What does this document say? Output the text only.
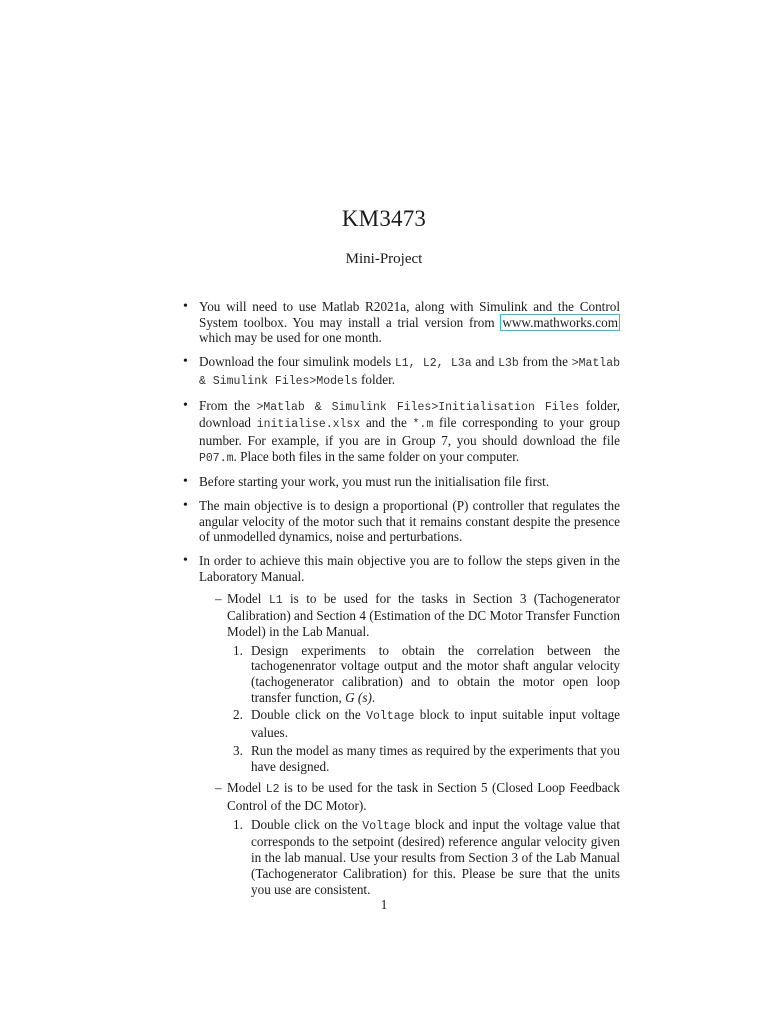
KM3473
Mini-Project
• You will need to use Matlab R2021a, along with Simulink and the Control System toolbox. You may install a trial version from www.mathworks.com which may be used for one month.
• Download the four simulink models L1, L2, L3a and L3b from the >Matlab & Simulink Files>Models folder.
• From the >Matlab & Simulink Files>Initialisation Files folder, download initialise.xlsx and the *.m file corresponding to your group number. For example, if you are in Group 7, you should download the file P07.m. Place both files in the same folder on your computer.
• Before starting your work, you must run the initialisation file first.
• The main objective is to design a proportional (P) controller that regulates the angular velocity of the motor such that it remains constant despite the presence of unmodelled dynamics, noise and perturbations.
• In order to achieve this main objective you are to follow the steps given in the Laboratory Manual.
– Model L1 is to be used for the tasks in Section 3 (Tachogenerator Calibration) and Section 4 (Estimation of the DC Motor Transfer Function Model) in the Lab Manual.
1. Design experiments to obtain the correlation between the tachogenenrator voltage output and the motor shaft angular velocity (tachogenerator calibration) and to obtain the motor open loop transfer function, G (s).
2. Double click on the Voltage block to input suitable input voltage values.
3. Run the model as many times as required by the experiments that you have designed.
– Model L2 is to be used for the task in Section 5 (Closed Loop Feedback Control of the DC Motor).
1. Double click on the Voltage block and input the voltage value that corresponds to the setpoint (desired) reference angular velocity given in the lab manual. Use your results from Section 3 of the Lab Manual (Tachogenerator Calibration) for this. Please be sure that the units you use are consistent.
1
